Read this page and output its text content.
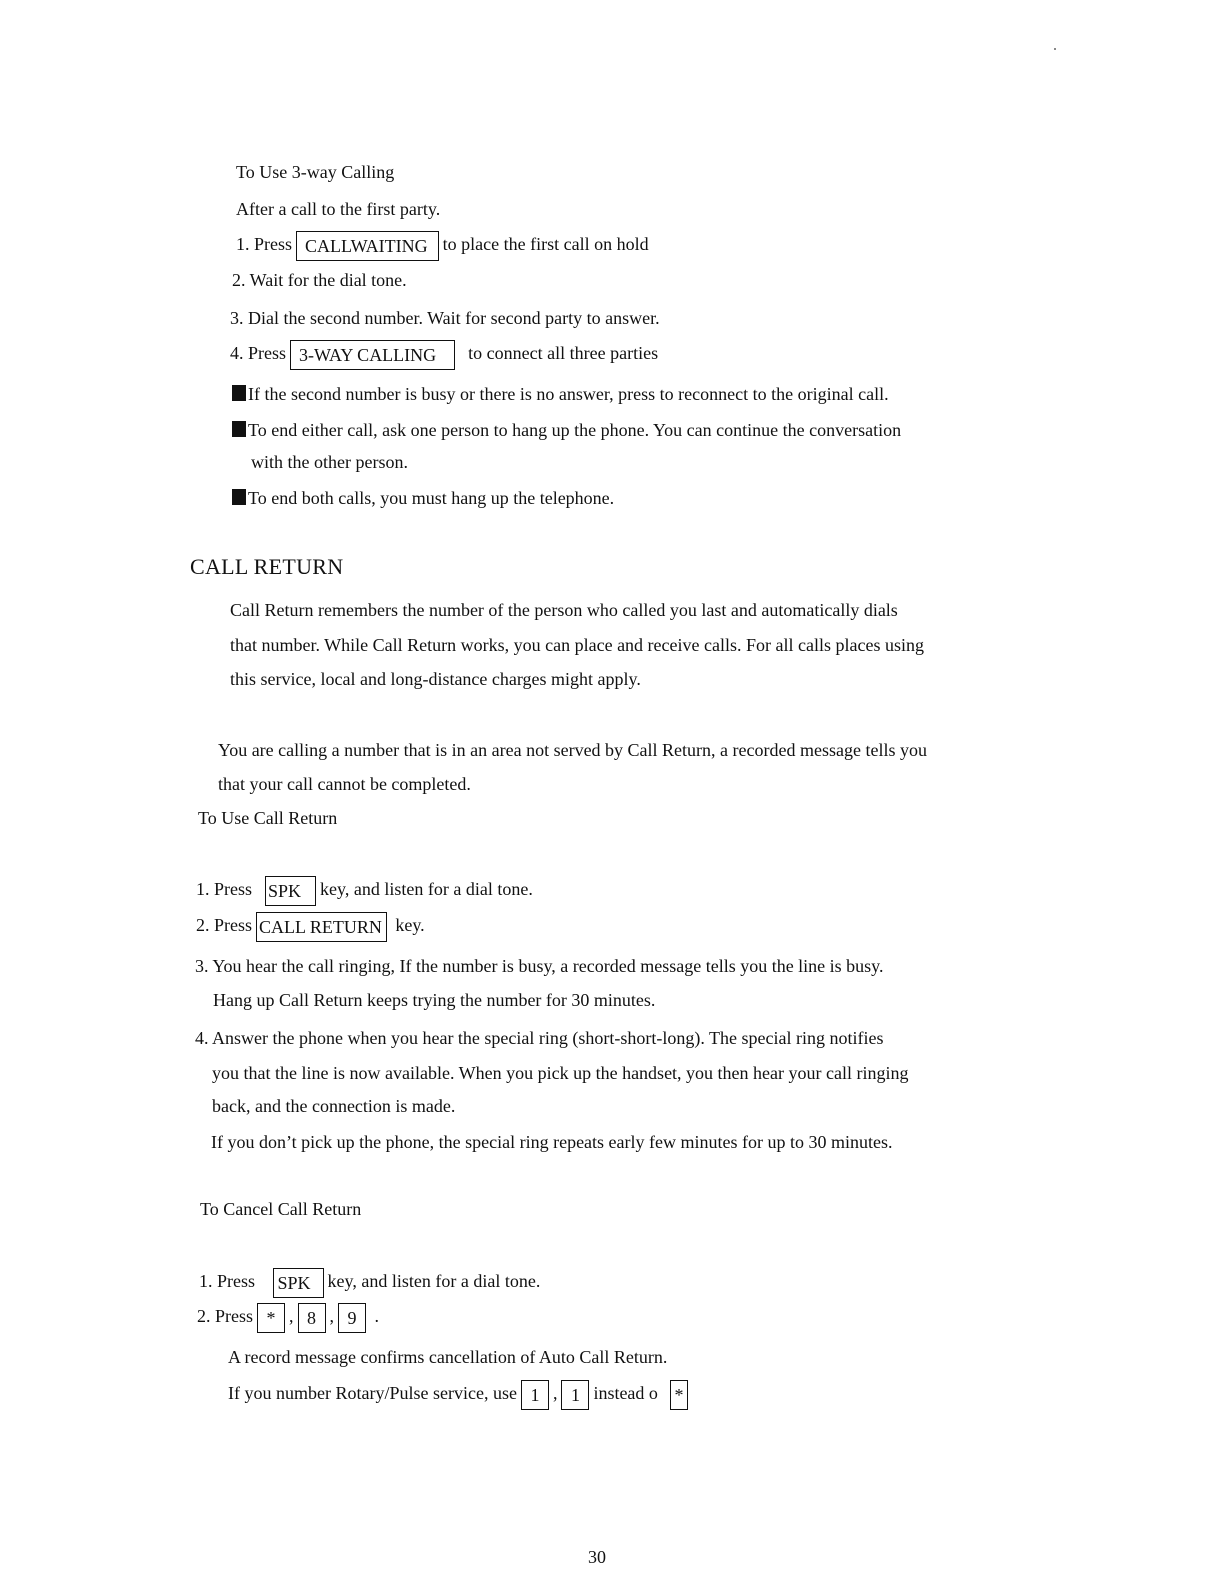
To Use 3-way Calling
After a call to the first party.
1. Press CALLWAITING to place the first call on hold
2. Wait for the dial tone.
3. Dial the second number. Wait for second party to answer.
4. Press 3-WAY CALLING to connect all three parties
If the second number is busy or there is no answer, press to reconnect to the original call.
To end either call, ask one person to hang up the phone. You can continue the conversation
with the other person.
To end both calls, you must hang up the telephone.
CALL RETURN
Call Return remembers the number of the person who called you last and automatically dials
that number. While Call Return works, you can place and receive calls. For all calls places using
this service, local and long-distance charges might apply.
You are calling a number that is in an area not served by Call Return, a recorded message tells you
that your call cannot be completed.
To Use Call Return
1. Press SPK key, and listen for a dial tone.
2. Press CALL RETURN key.
3. You hear the call ringing, If the number is busy, a recorded message tells you the line is busy.
Hang up Call Return keeps trying the number for 30 minutes.
4. Answer the phone when you hear the special ring (short-short-long). The special ring notifies
you that the line is now available. When you pick up the handset, you then hear your call ringing
back, and the connection is made.
If you don’t pick up the phone, the special ring repeats early few minutes for up to 30 minutes.
To Cancel Call Return
1. Press SPK key, and listen for a dial tone.
2. Press * , 8 , 9 .
A record message confirms cancellation of Auto Call Return.
If you number Rotary/Pulse service, use 1 , 1 instead o *
30
